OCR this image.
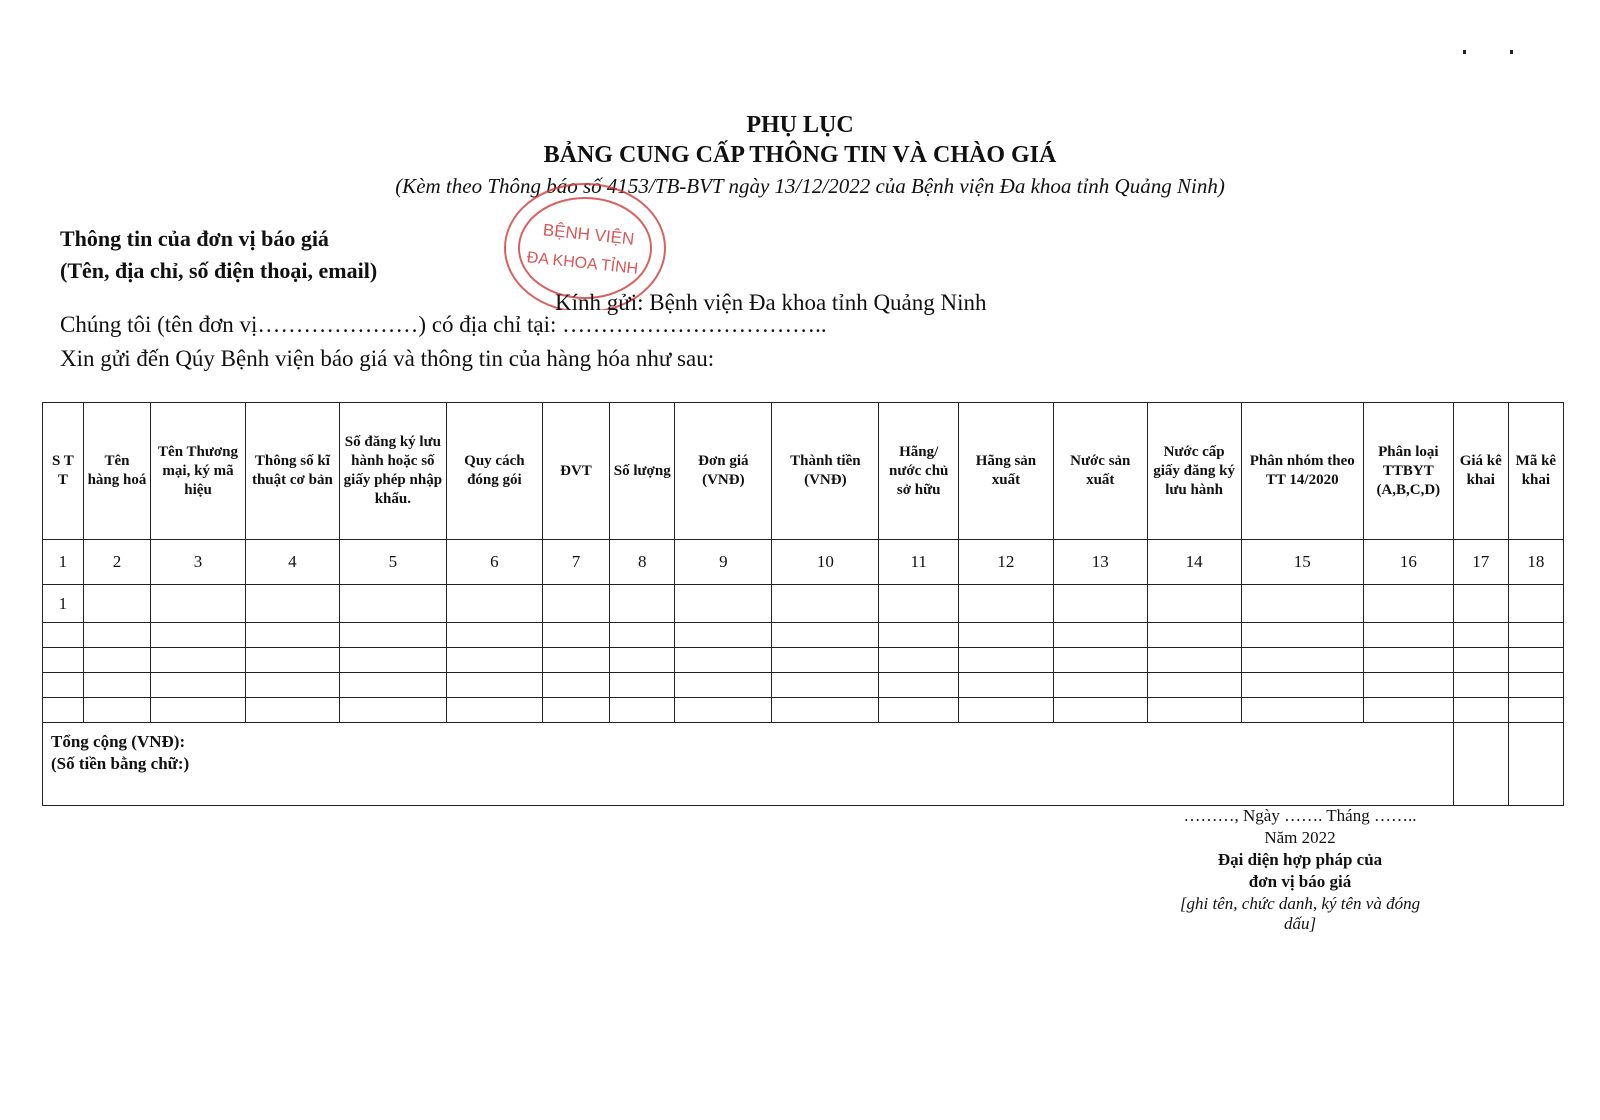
PHỤ LỤC
BẢNG CUNG CẤP THÔNG TIN VÀ CHÀO GIÁ
(Kèm theo Thông báo số 4153/TB-BVT ngày 13/12/2022 của Bệnh viện Đa khoa tỉnh Quảng Ninh)
BỆNH VIỆN
ĐA KHOA TỈNH
Thông tin của đơn vị báo giá
(Tên, địa chỉ, số điện thoại, email)
Kính gửi: Bệnh viện Đa khoa tỉnh Quảng Ninh
Chúng tôi (tên đơn vị…………………) có địa chỉ tại: ……………………………..
Xin gửi đến Qúy Bệnh viện báo giá và thông tin của hàng hóa như sau:
S T T	Tên hàng hoá	Tên Thương mại, ký mã hiệu	Thông số kĩ thuật cơ bản	Số đăng ký lưu hành hoặc số giấy phép nhập khẩu.	Quy cách đóng gói	ĐVT	Số lượng	Đơn giá (VNĐ)	Thành tiền (VNĐ)	Hãng/ nước chủ sở hữu	Hãng sản xuất	Nước sản xuất	Nước cấp giấy đăng ký lưu hành	Phân nhóm theo TT 14/2020	Phân loại TTBYT (A,B,C,D)	Giá kê khai	Mã kê khai
1	2	3	4	5	6	7	8	9	10	11	12	13	14	15	16	17	18
1																	

Tổng cộng (VNĐ):
(Số tiền bằng chữ:)																	

………, Ngày ……. Tháng ……..
Năm 2022
Đại diện hợp pháp của
đơn vị báo giá
[ghi tên, chức danh, ký tên và đóng
dấu]
